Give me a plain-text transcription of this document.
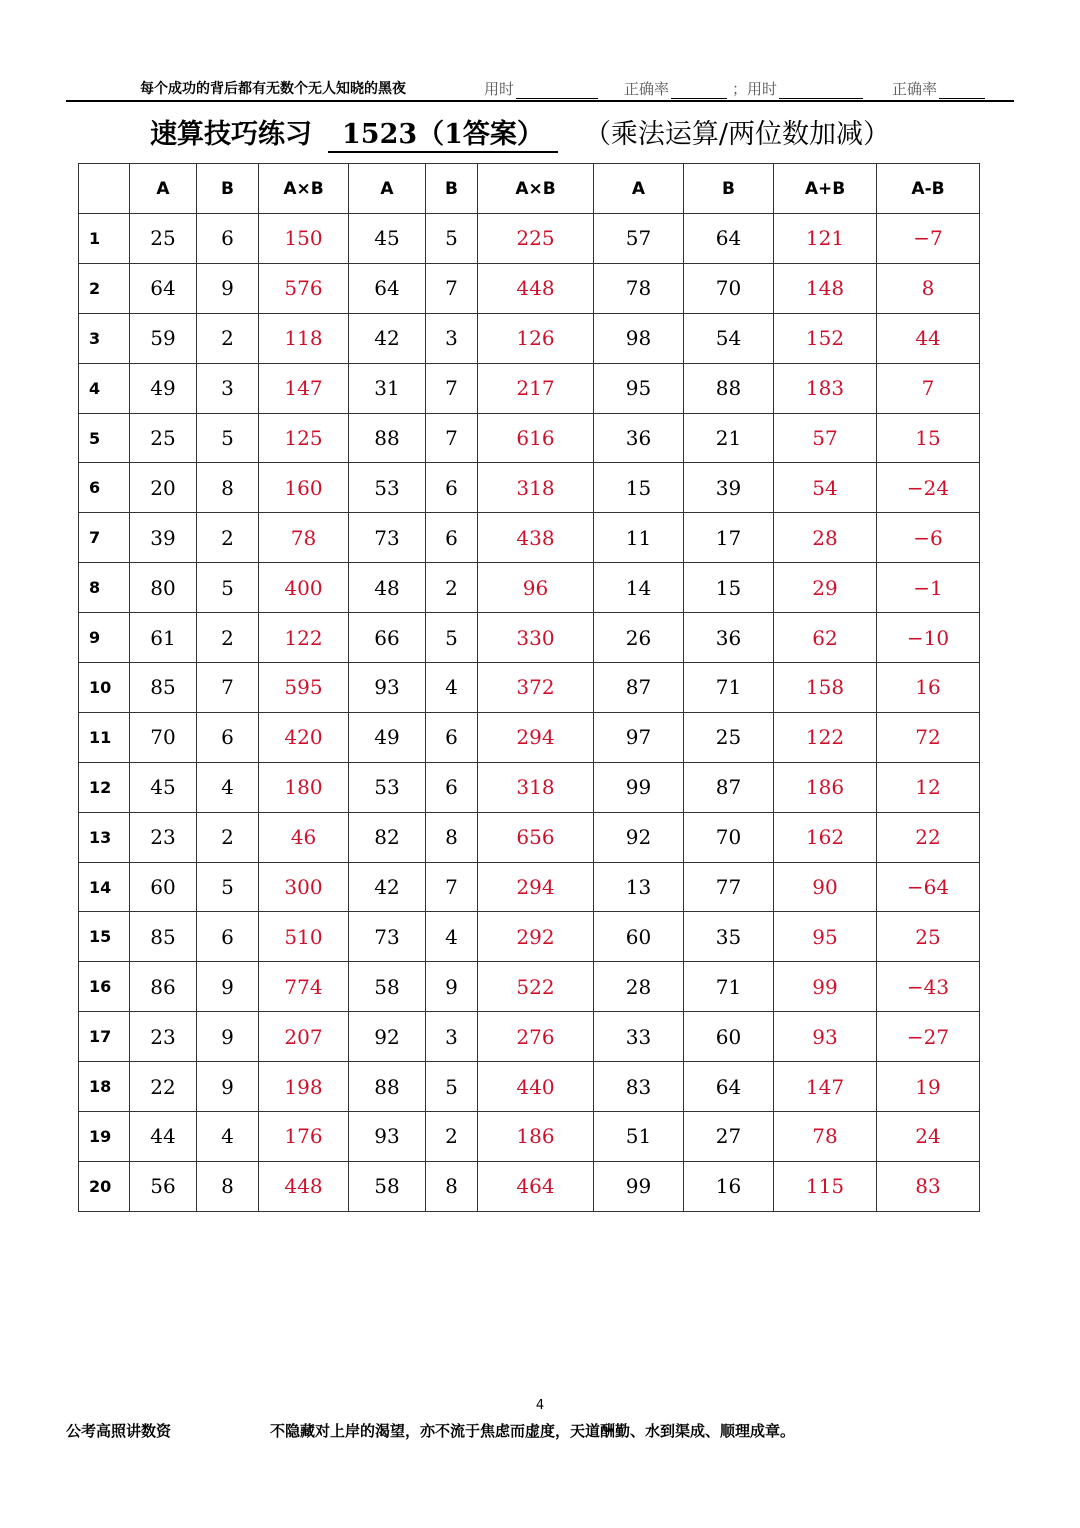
每个成功的背后都有无数个无人知晓的黑夜	用时	正确率	；用时	正确率
速算技巧练习 1523（1答案） （乘法运算/两位数加减）
	A	B	A×B	A	B	A×B	A	B	A+B	A-B
1	25	6	150	45	5	225	57	64	121	−7
2	64	9	576	64	7	448	78	70	148	8
3	59	2	118	42	3	126	98	54	152	44
4	49	3	147	31	7	217	95	88	183	7
5	25	5	125	88	7	616	36	21	57	15
6	20	8	160	53	6	318	15	39	54	−24
7	39	2	78	73	6	438	11	17	28	−6
8	80	5	400	48	2	96	14	15	29	−1
9	61	2	122	66	5	330	26	36	62	−10
10	85	7	595	93	4	372	87	71	158	16
11	70	6	420	49	6	294	97	25	122	72
12	45	4	180	53	6	318	99	87	186	12
13	23	2	46	82	8	656	92	70	162	22
14	60	5	300	42	7	294	13	77	90	−64
15	85	6	510	73	4	292	60	35	95	25
16	86	9	774	58	9	522	28	71	99	−43
17	23	9	207	92	3	276	33	60	93	−27
18	22	9	198	88	5	440	83	64	147	19
19	44	4	176	93	2	186	51	27	78	24
20	56	8	448	58	8	464	99	16	115	83
4
公考高照讲数资	不隐藏对上岸的渴望，亦不流于焦虑而虚度，天道酬勤、水到渠成、顺理成章。
